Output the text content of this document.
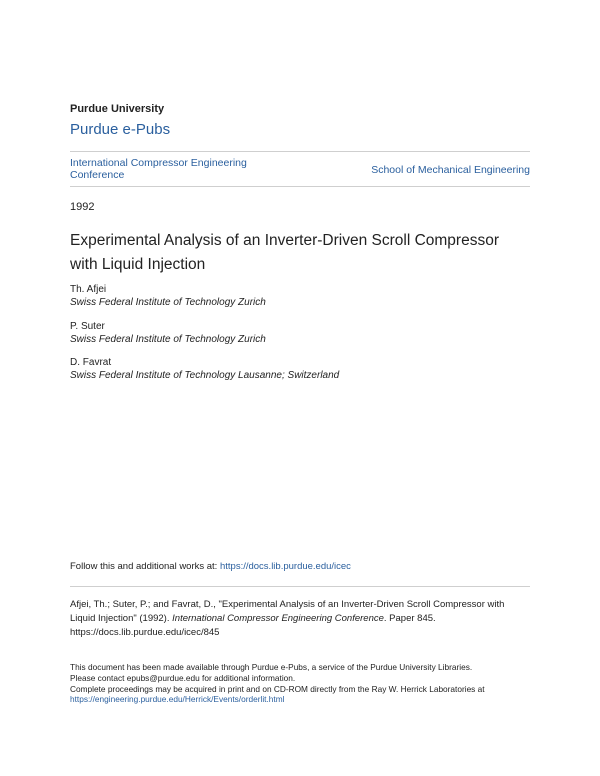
Purdue University
Purdue e-Pubs
International Compressor Engineering Conference	School of Mechanical Engineering
1992
Experimental Analysis of an Inverter-Driven Scroll Compressor with Liquid Injection
Th. Afjei
Swiss Federal Institute of Technology Zurich
P. Suter
Swiss Federal Institute of Technology Zurich
D. Favrat
Swiss Federal Institute of Technology Lausanne; Switzerland
Follow this and additional works at: https://docs.lib.purdue.edu/icec
Afjei, Th.; Suter, P.; and Favrat, D., "Experimental Analysis of an Inverter-Driven Scroll Compressor with Liquid Injection" (1992). International Compressor Engineering Conference. Paper 845.
https://docs.lib.purdue.edu/icec/845
This document has been made available through Purdue e-Pubs, a service of the Purdue University Libraries.
Please contact epubs@purdue.edu for additional information.
Complete proceedings may be acquired in print and on CD-ROM directly from the Ray W. Herrick Laboratories at
https://engineering.purdue.edu/Herrick/Events/orderlit.html
